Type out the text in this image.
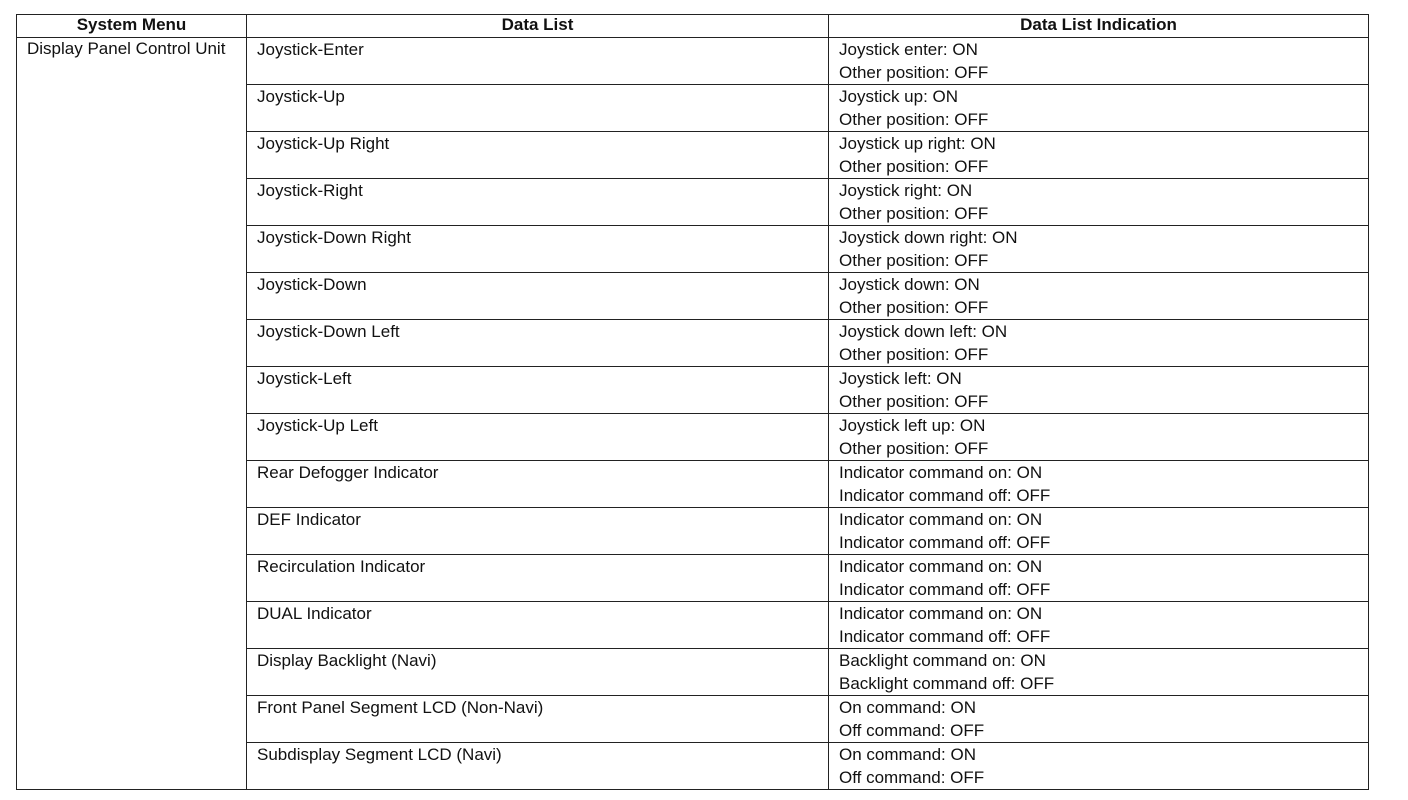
System Menu	Data List	Data List Indication
Display Panel Control Unit	Joystick-Enter	Joystick enter: ON
Other position: OFF

	Joystick-Up	Joystick up: ON
Other position: OFF

	Joystick-Up Right	Joystick up right: ON
Other position: OFF

	Joystick-Right	Joystick right: ON
Other position: OFF

	Joystick-Down Right	Joystick down right: ON
Other position: OFF

	Joystick-Down	Joystick down: ON
Other position: OFF

	Joystick-Down Left	Joystick down left: ON
Other position: OFF

	Joystick-Left	Joystick left: ON
Other position: OFF

	Joystick-Up Left	Joystick left up: ON
Other position: OFF

	Rear Defogger Indicator	Indicator command on: ON
Indicator command off: OFF

	DEF Indicator	Indicator command on: ON
Indicator command off: OFF

	Recirculation Indicator	Indicator command on: ON
Indicator command off: OFF

	DUAL Indicator	Indicator command on: ON
Indicator command off: OFF

	Display Backlight (Navi)	Backlight command on: ON
Backlight command off: OFF

	Front Panel Segment LCD (Non-Navi)	On command: ON
Off command: OFF

	Subdisplay Segment LCD (Navi)	On command: ON
Off command: OFF
